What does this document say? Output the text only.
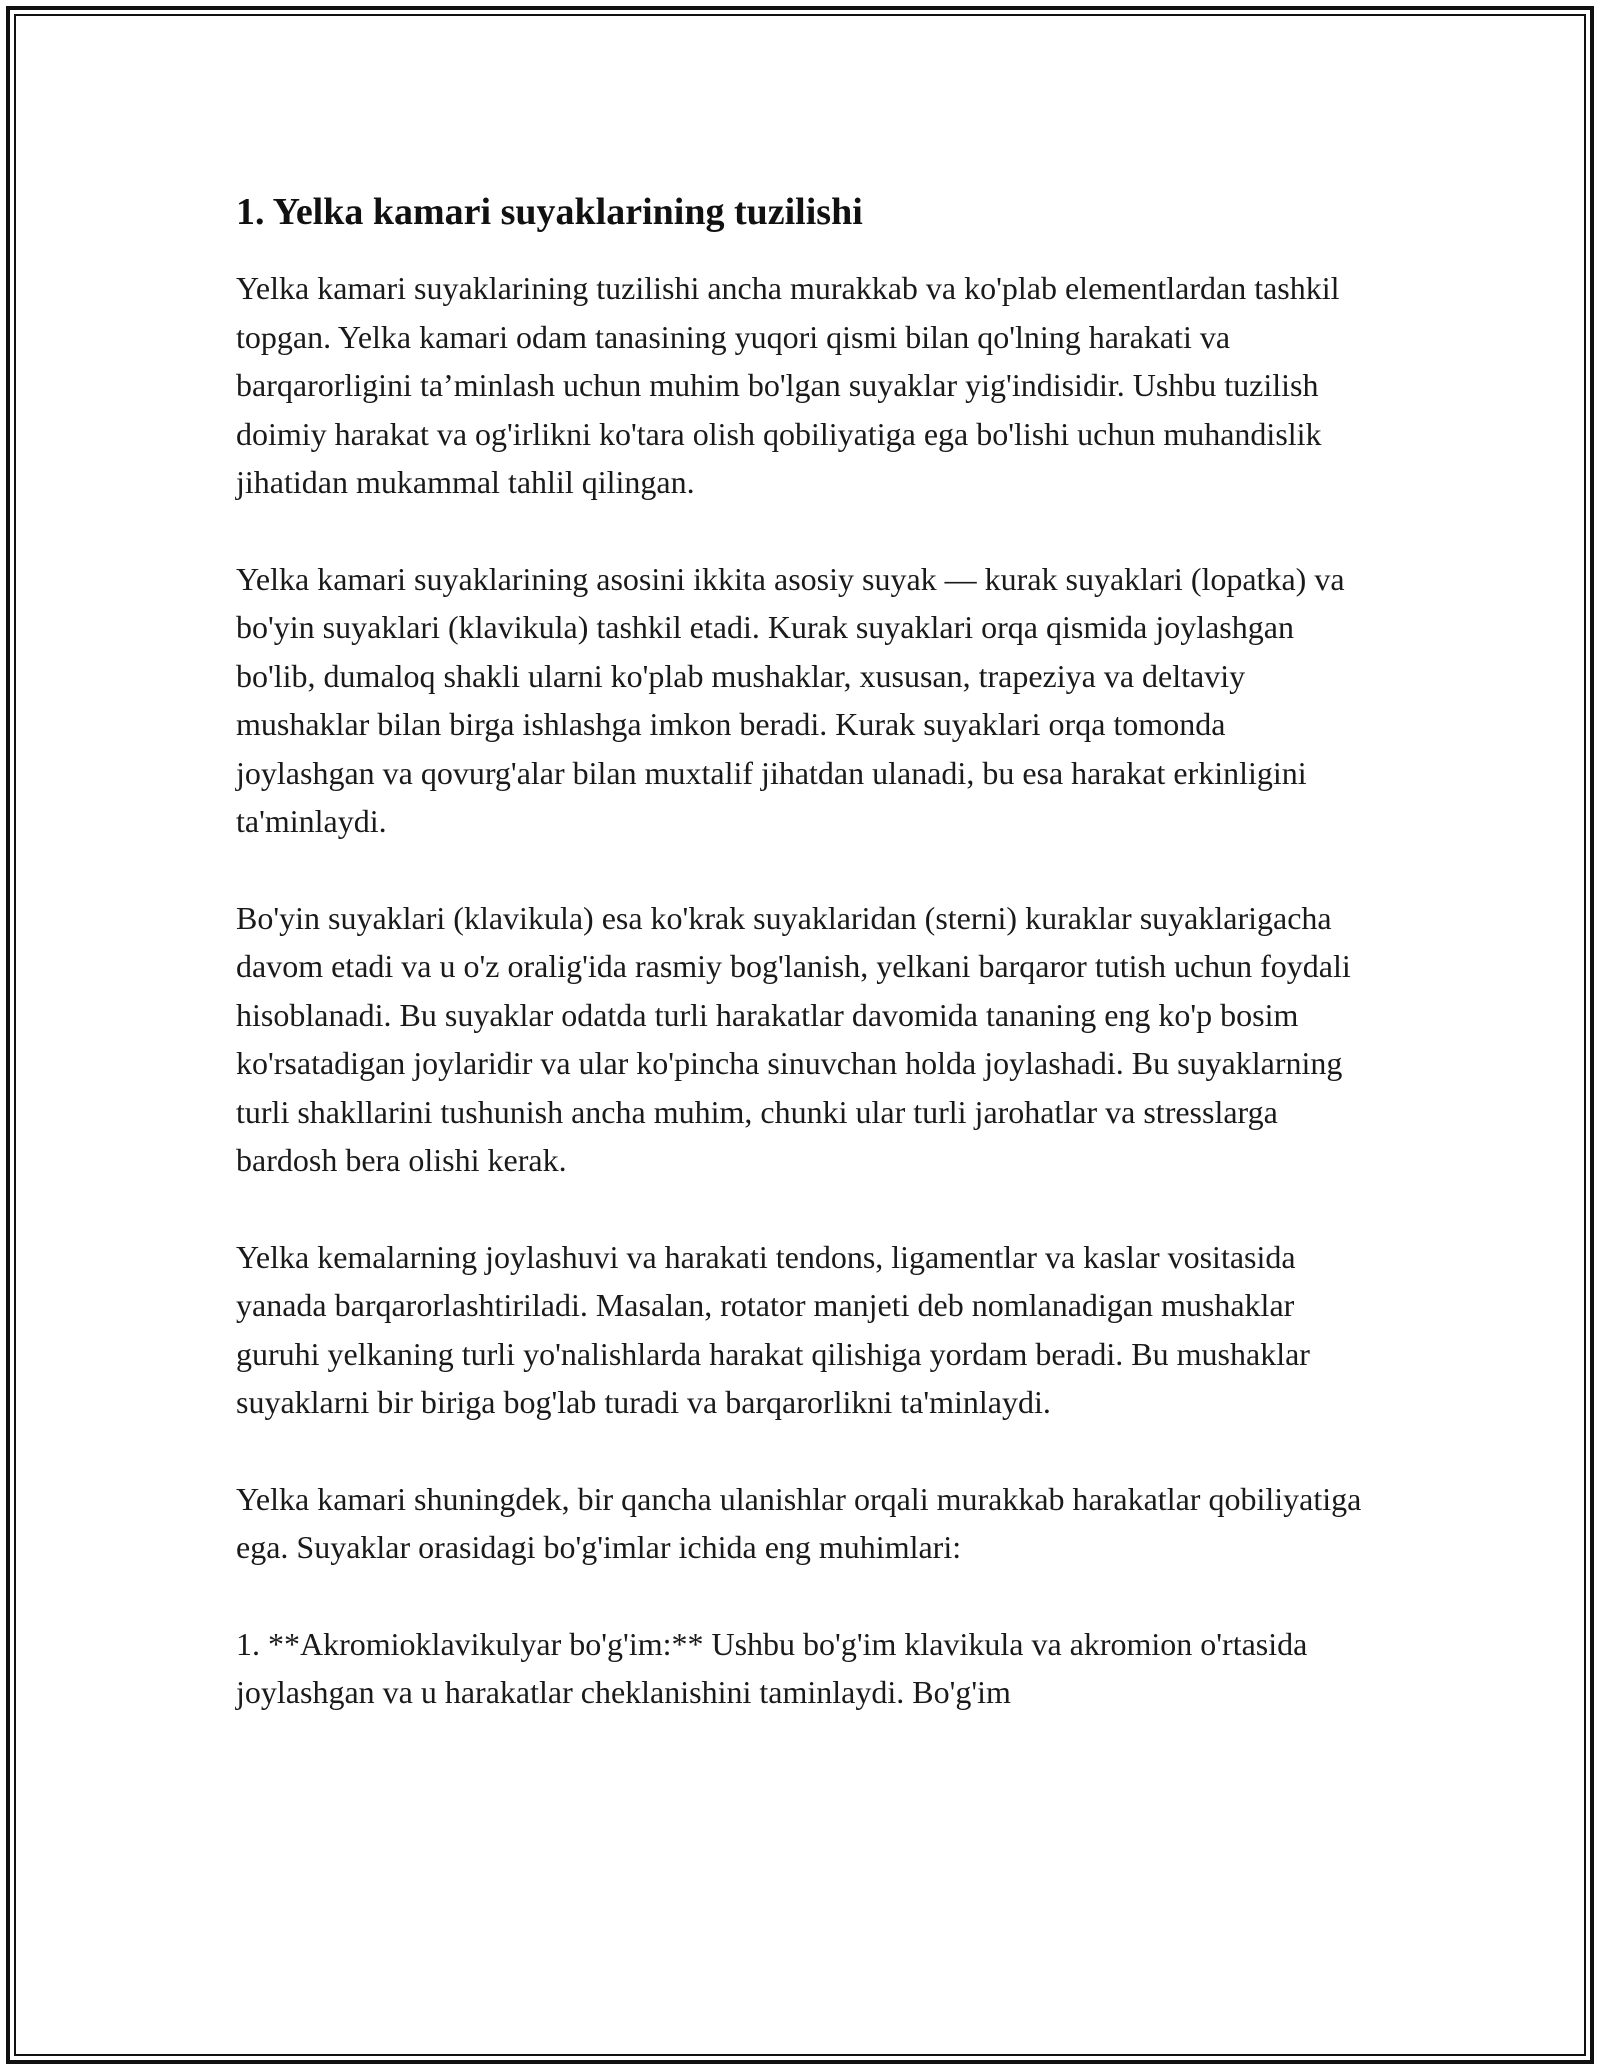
1. Yelka kamari suyaklarining tuzilishi

Yelka kamari suyaklarining tuzilishi ancha murakkab va ko'plab elementlardan tashkil topgan. Yelka kamari odam tanasining yuqori qismi bilan qo'lning harakati va barqarorligini ta’minlash uchun muhim bo'lgan suyaklar yig'indisidir. Ushbu tuzilish doimiy harakat va og'irlikni ko'tara olish qobiliyatiga ega bo'lishi uchun muhandislik jihatidan mukammal tahlil qilingan.

Yelka kamari suyaklarining asosini ikkita asosiy suyak — kurak suyaklari (lopatka) va bo'yin suyaklari (klavikula) tashkil etadi. Kurak suyaklari orqa qismida joylashgan bo'lib, dumaloq shakli ularni ko'plab mushaklar, xususan, trapeziya va deltaviy mushaklar bilan birga ishlashga imkon beradi. Kurak suyaklari orqa tomonda joylashgan va qovurg'alar bilan muxtalif jihatdan ulanadi, bu esa harakat erkinligini ta'minlaydi.

Bo'yin suyaklari (klavikula) esa ko'krak suyaklaridan (sterni) kuraklar suyaklarigacha davom etadi va u o'z oralig'ida rasmiy bog'lanish, yelkani barqaror tutish uchun foydali hisoblanadi. Bu suyaklar odatda turli harakatlar davomida tananing eng ko'p bosim ko'rsatadigan joylaridir va ular ko'pincha sinuvchan holda joylashadi. Bu suyaklarning turli shakllarini tushunish ancha muhim, chunki ular turli jarohatlar va stresslarga bardosh bera olishi kerak.

Yelka kemalarning joylashuvi va harakati tendons, ligamentlar va kaslar vositasida yanada barqarorlashtiriladi. Masalan, rotator manjeti deb nomlanadigan mushaklar guruhi yelkaning turli yo'nalishlarda harakat qilishiga yordam beradi. Bu mushaklar suyaklarni bir biriga bog'lab turadi va barqarorlikni ta'minlaydi.

Yelka kamari shuningdek, bir qancha ulanishlar orqali murakkab harakatlar qobiliyatiga ega. Suyaklar orasidagi bo'g'imlar ichida eng muhimlari:

1. **Akromioklavikulyar bo'g'im:** Ushbu bo'g'im klavikula va akromion o'rtasida joylashgan va u harakatlar cheklanishini taminlaydi. Bo'g'im
